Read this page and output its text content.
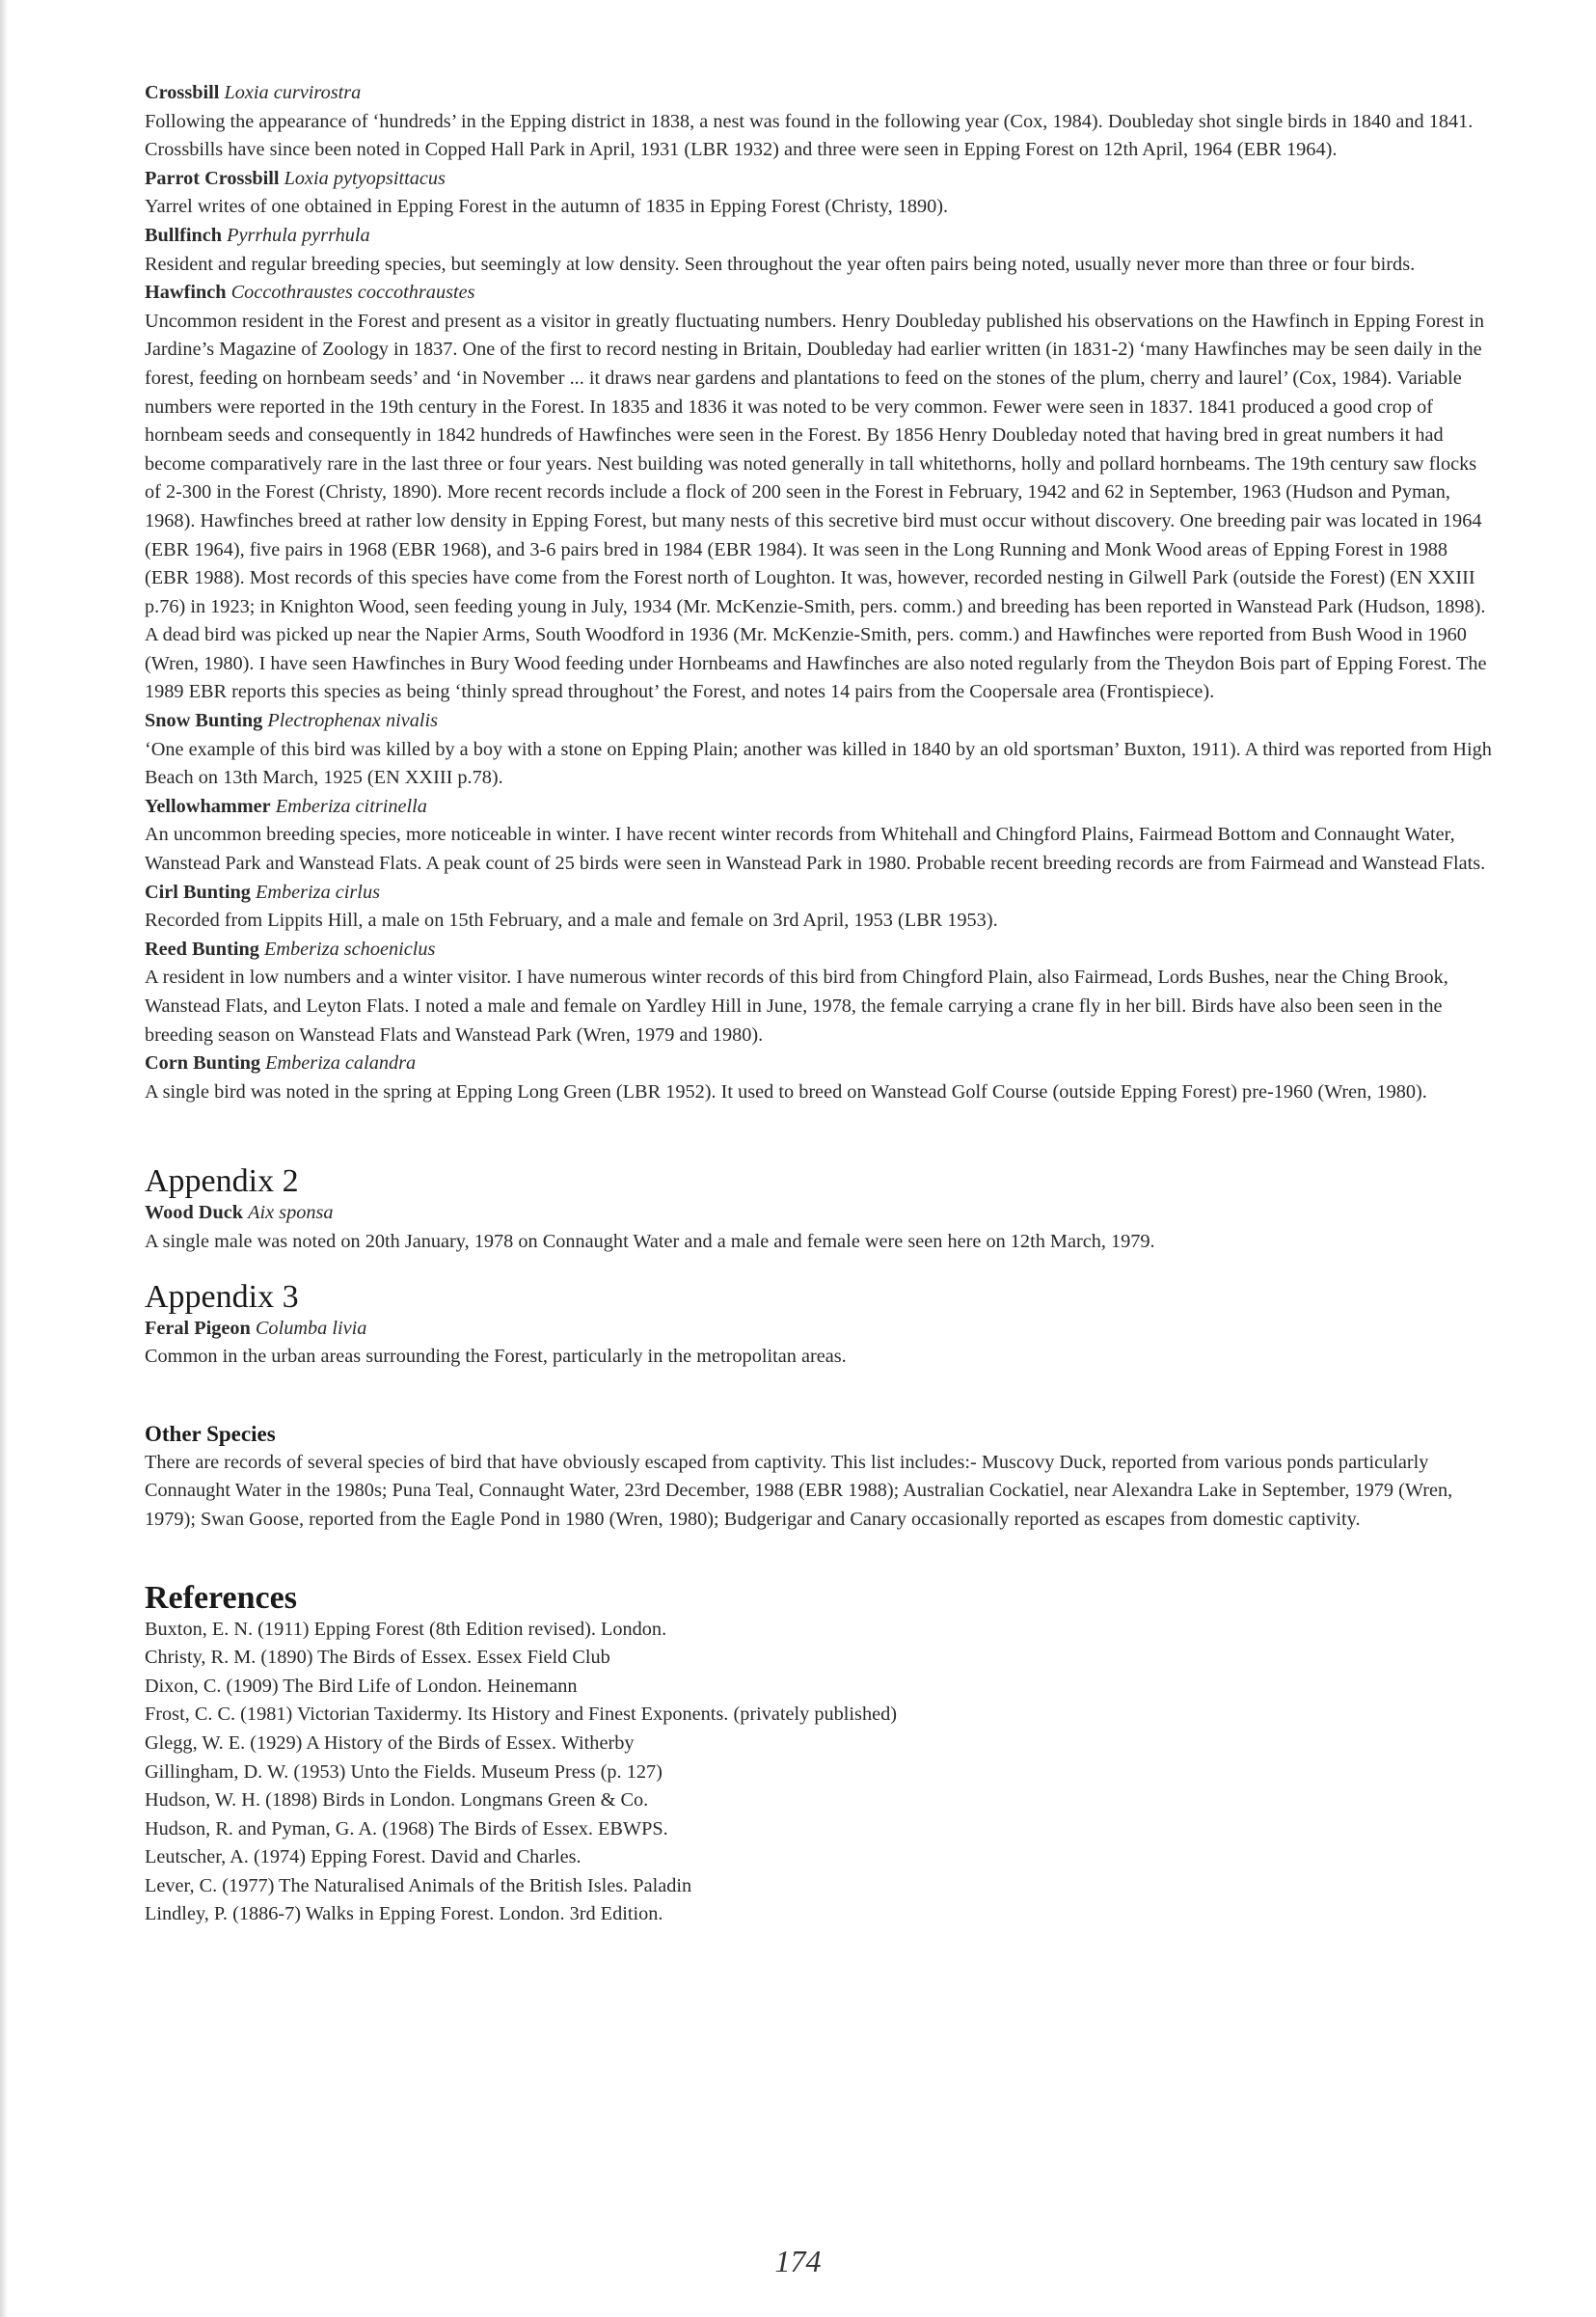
Crossbill Loxia curvirostra

Following the appearance of ‘hundreds’ in the Epping district in 1838, a nest was found in the following year (Cox, 1984). Doubleday shot single birds in 1840 and 1841. Crossbills have since been noted in Copped Hall Park in April, 1931 (LBR 1932) and three were seen in Epping Forest on 12th April, 1964 (EBR 1964).

Parrot Crossbill Loxia pytyopsittacus

Yarrel writes of one obtained in Epping Forest in the autumn of 1835 in Epping Forest (Christy, 1890).

Bullfinch Pyrrhula pyrrhula

Resident and regular breeding species, but seemingly at low density. Seen throughout the year often pairs being noted, usually never more than three or four birds.

Hawfinch Coccothraustes coccothraustes

Uncommon resident in the Forest and present as a visitor in greatly fluctuating numbers. Henry Doubleday published his observations on the Hawfinch in Epping Forest in Jardine’s Magazine of Zoology in 1837. One of the first to record nesting in Britain, Doubleday had earlier written (in 1831-2) ‘many Hawfinches may be seen daily in the forest, feeding on hornbeam seeds’ and ‘in November ... it draws near gardens and plantations to feed on the stones of the plum, cherry and laurel’ (Cox, 1984). Variable numbers were reported in the 19th century in the Forest. In 1835 and 1836 it was noted to be very common. Fewer were seen in 1837. 1841 produced a good crop of hornbeam seeds and consequently in 1842 hundreds of Hawfinches were seen in the Forest. By 1856 Henry Doubleday noted that having bred in great numbers it had become comparatively rare in the last three or four years. Nest building was noted generally in tall whitethorns, holly and pollard hornbeams. The 19th century saw flocks of 2-300 in the Forest (Christy, 1890). More recent records include a flock of 200 seen in the Forest in February, 1942 and 62 in September, 1963 (Hudson and Pyman, 1968). Hawfinches breed at rather low density in Epping Forest, but many nests of this secretive bird must occur without discovery. One breeding pair was located in 1964 (EBR 1964), five pairs in 1968 (EBR 1968), and 3-6 pairs bred in 1984 (EBR 1984). It was seen in the Long Running and Monk Wood areas of Epping Forest in 1988 (EBR 1988). Most records of this species have come from the Forest north of Loughton. It was, however, recorded nesting in Gilwell Park (outside the Forest) (EN XXIII p.76) in 1923; in Knighton Wood, seen feeding young in July, 1934 (Mr. McKenzie-Smith, pers. comm.) and breeding has been reported in Wanstead Park (Hudson, 1898). A dead bird was picked up near the Napier Arms, South Woodford in 1936 (Mr. McKenzie-Smith, pers. comm.) and Hawfinches were reported from Bush Wood in 1960 (Wren, 1980). I have seen Hawfinches in Bury Wood feeding under Hornbeams and Hawfinches are also noted regularly from the Theydon Bois part of Epping Forest. The 1989 EBR reports this species as being ‘thinly spread throughout’ the Forest, and notes 14 pairs from the Coopersale area (Frontispiece).

Snow Bunting Plectrophenax nivalis

‘One example of this bird was killed by a boy with a stone on Epping Plain; another was killed in 1840 by an old sportsman’ Buxton, 1911). A third was reported from High Beach on 13th March, 1925 (EN XXIII p.78).

Yellowhammer Emberiza citrinella

An uncommon breeding species, more noticeable in winter. I have recent winter records from Whitehall and Chingford Plains, Fairmead Bottom and Connaught Water, Wanstead Park and Wanstead Flats. A peak count of 25 birds were seen in Wanstead Park in 1980. Probable recent breeding records are from Fairmead and Wanstead Flats.

Cirl Bunting Emberiza cirlus

Recorded from Lippits Hill, a male on 15th February, and a male and female on 3rd April, 1953 (LBR 1953).

Reed Bunting Emberiza schoeniclus

A resident in low numbers and a winter visitor. I have numerous winter records of this bird from Chingford Plain, also Fairmead, Lords Bushes, near the Ching Brook, Wanstead Flats, and Leyton Flats. I noted a male and female on Yardley Hill in June, 1978, the female carrying a crane fly in her bill. Birds have also been seen in the breeding season on Wanstead Flats and Wanstead Park (Wren, 1979 and 1980).

Corn Bunting Emberiza calandra

A single bird was noted in the spring at Epping Long Green (LBR 1952). It used to breed on Wanstead Golf Course (outside Epping Forest) pre-1960 (Wren, 1980).

Appendix 2

Wood Duck Aix sponsa

A single male was noted on 20th January, 1978 on Connaught Water and a male and female were seen here on 12th March, 1979.

Appendix 3

Feral Pigeon Columba livia

Common in the urban areas surrounding the Forest, particularly in the metropolitan areas.

Other Species

There are records of several species of bird that have obviously escaped from captivity. This list includes:- Muscovy Duck, reported from various ponds particularly Connaught Water in the 1980s; Puna Teal, Connaught Water, 23rd December, 1988 (EBR 1988); Australian Cockatiel, near Alexandra Lake in September, 1979 (Wren, 1979); Swan Goose, reported from the Eagle Pond in 1980 (Wren, 1980); Budgerigar and Canary occasionally reported as escapes from domestic captivity.

References

Buxton, E. N. (1911) Epping Forest (8th Edition revised). London.

Christy, R. M. (1890) The Birds of Essex. Essex Field Club

Dixon, C. (1909) The Bird Life of London. Heinemann

Frost, C. C. (1981) Victorian Taxidermy. Its History and Finest Exponents. (privately published)

Glegg, W. E. (1929) A History of the Birds of Essex. Witherby

Gillingham, D. W. (1953) Unto the Fields. Museum Press (p. 127)

Hudson, W. H. (1898) Birds in London. Longmans Green & Co.

Hudson, R. and Pyman, G. A. (1968) The Birds of Essex. EBWPS.

Leutscher, A. (1974) Epping Forest. David and Charles.

Lever, C. (1977) The Naturalised Animals of the British Isles. Paladin

Lindley, P. (1886-7) Walks in Epping Forest. London. 3rd Edition.

174
